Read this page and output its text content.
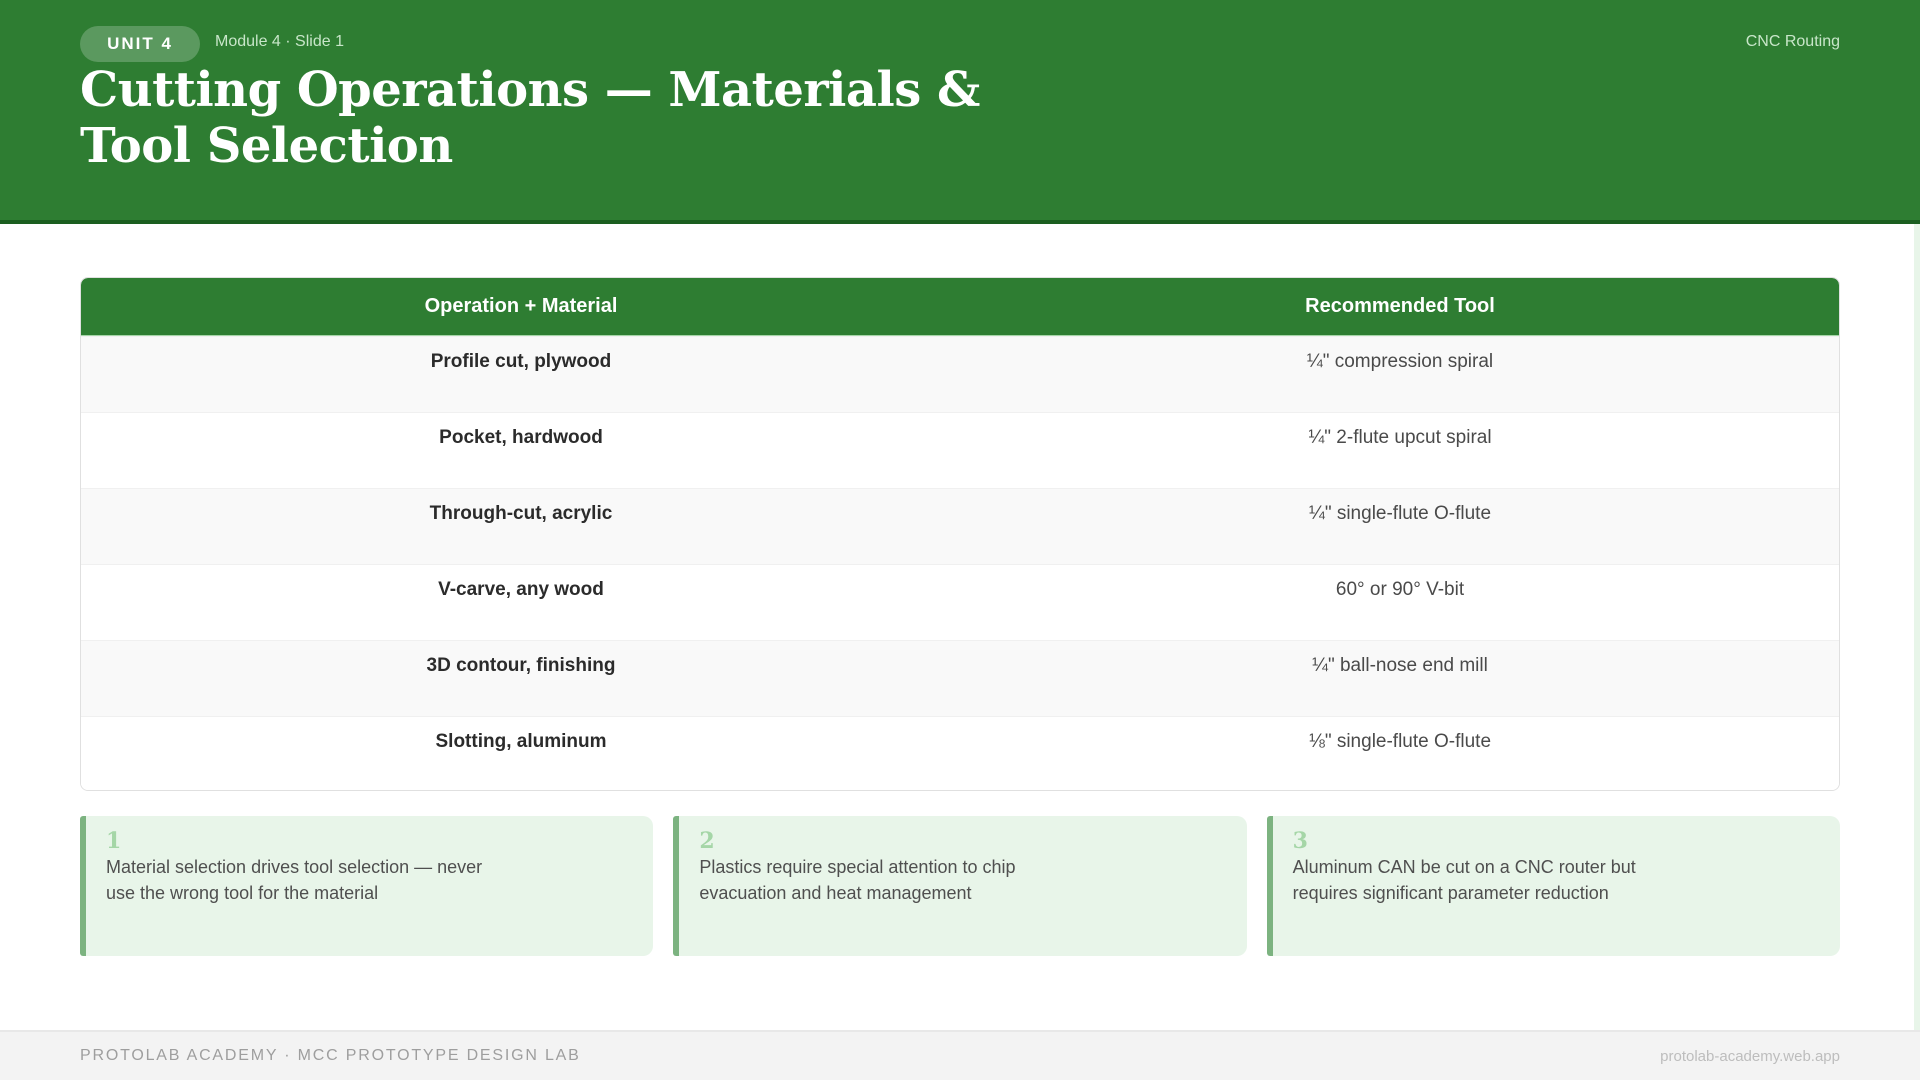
UNIT 4	Module 4 · Slide 1	CNC Routing
Cutting Operations — Materials & Tool Selection
Operation + Material	Recommended Tool
Profile cut, plywood	¼" compression spiral
Pocket, hardwood	¼" 2-flute upcut spiral
Through-cut, acrylic	¼" single-flute O-flute
V-carve, any wood	60° or 90° V-bit
3D contour, finishing	¼" ball-nose end mill
Slotting, aluminum	⅛" single-flute O-flute
1
Material selection drives tool selection — never use the wrong tool for the material
2
Plastics require special attention to chip evacuation and heat management
3
Aluminum CAN be cut on a CNC router but requires significant parameter reduction
PROTOLAB ACADEMY · MCC PROTOTYPE DESIGN LAB	protolab-academy.web.app
